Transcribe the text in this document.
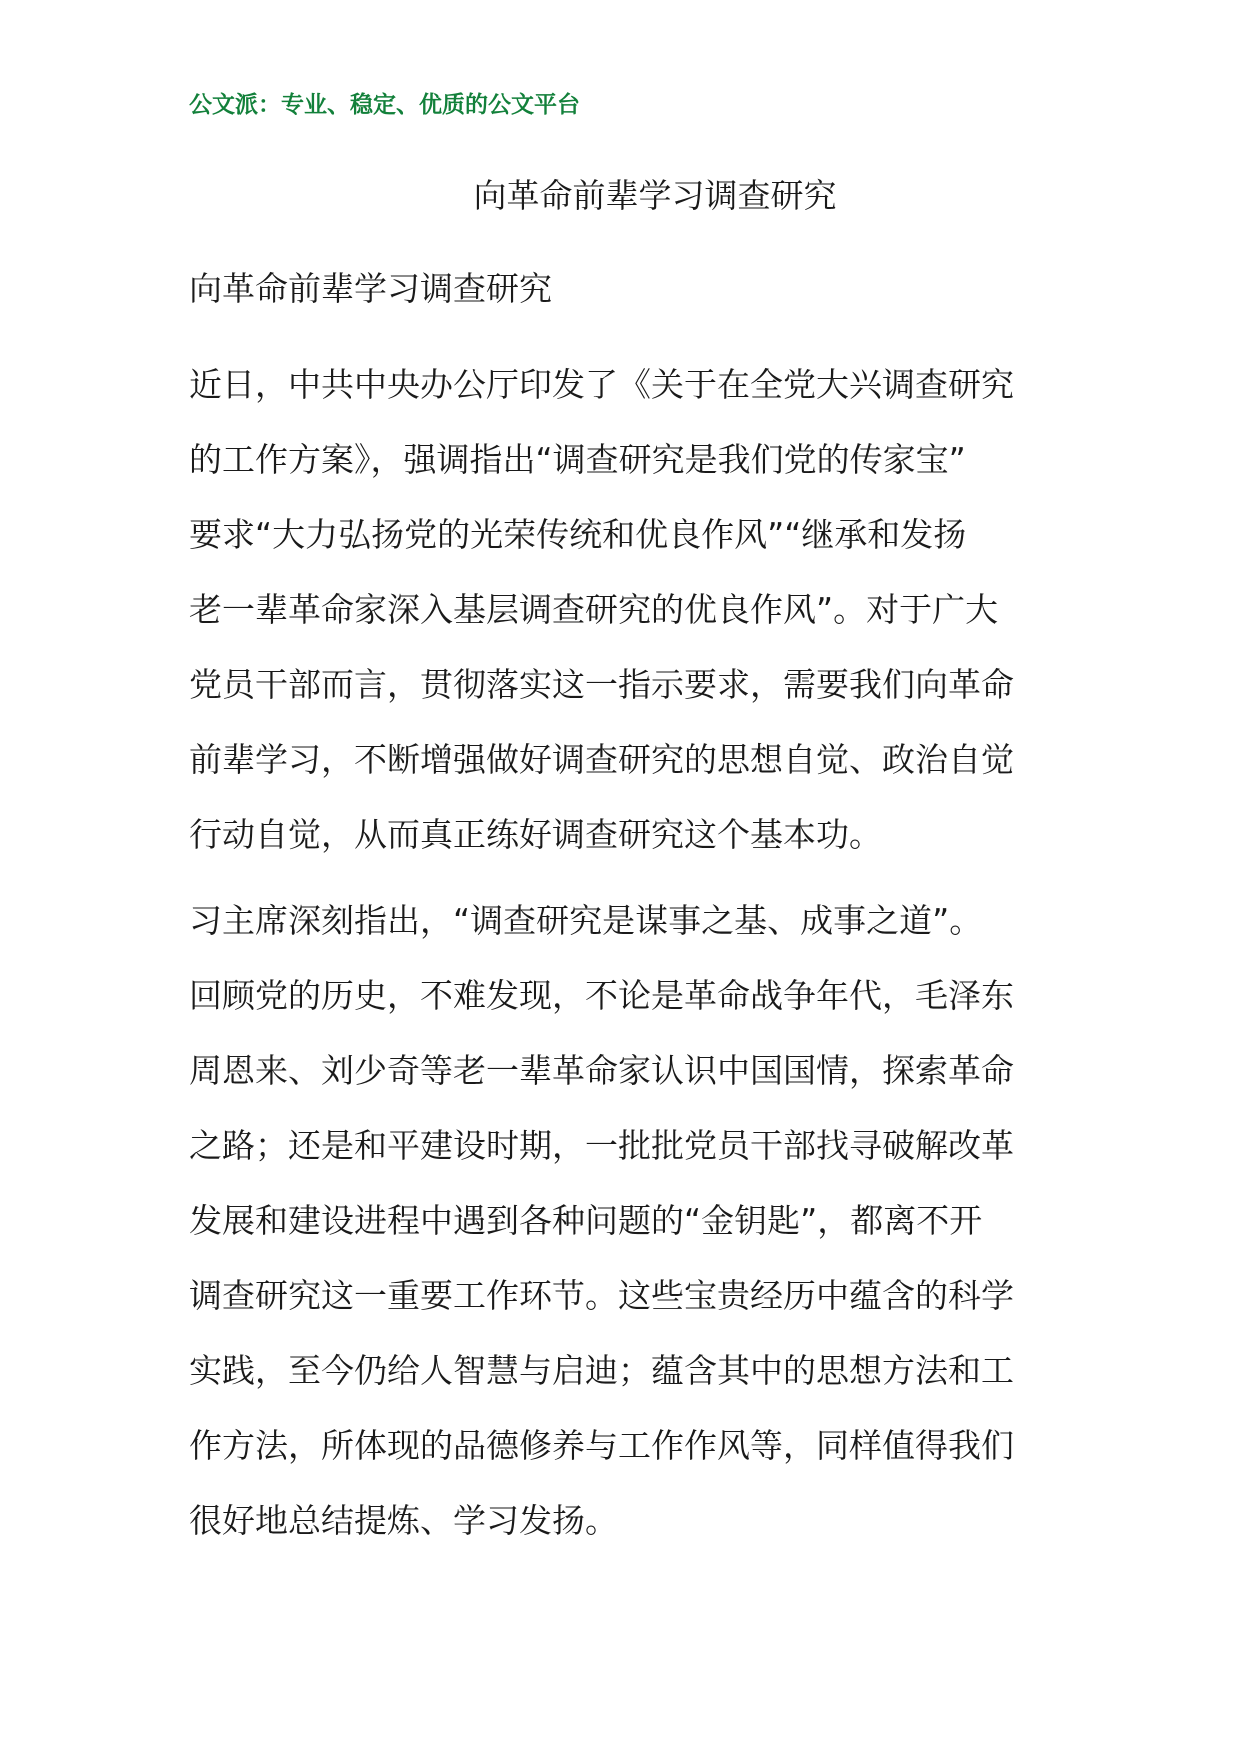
公文派：专业、稳定、优质的公文平台
向革命前辈学习调查研究
向革命前辈学习调查研究
近日，中共中央办公厅印发了《关于在全党大兴调查研究
的工作方案》，强调指出“调查研究是我们党的传家宝”
要求“大力弘扬党的光荣传统和优良作风”“继承和发扬
老一辈革命家深入基层调查研究的优良作风”。对于广大
党员干部而言，贯彻落实这一指示要求，需要我们向革命
前辈学习，不断增强做好调查研究的思想自觉、政治自觉
行动自觉，从而真正练好调查研究这个基本功。
习主席深刻指出，“调查研究是谋事之基、成事之道”。
回顾党的历史，不难发现，不论是革命战争年代，毛泽东
周恩来、刘少奇等老一辈革命家认识中国国情，探索革命
之路；还是和平建设时期，一批批党员干部找寻破解改革
发展和建设进程中遇到各种问题的“金钥匙”，都离不开
调查研究这一重要工作环节。这些宝贵经历中蕴含的科学
实践，至今仍给人智慧与启迪；蕴含其中的思想方法和工
作方法，所体现的品德修养与工作作风等，同样值得我们
很好地总结提炼、学习发扬。
